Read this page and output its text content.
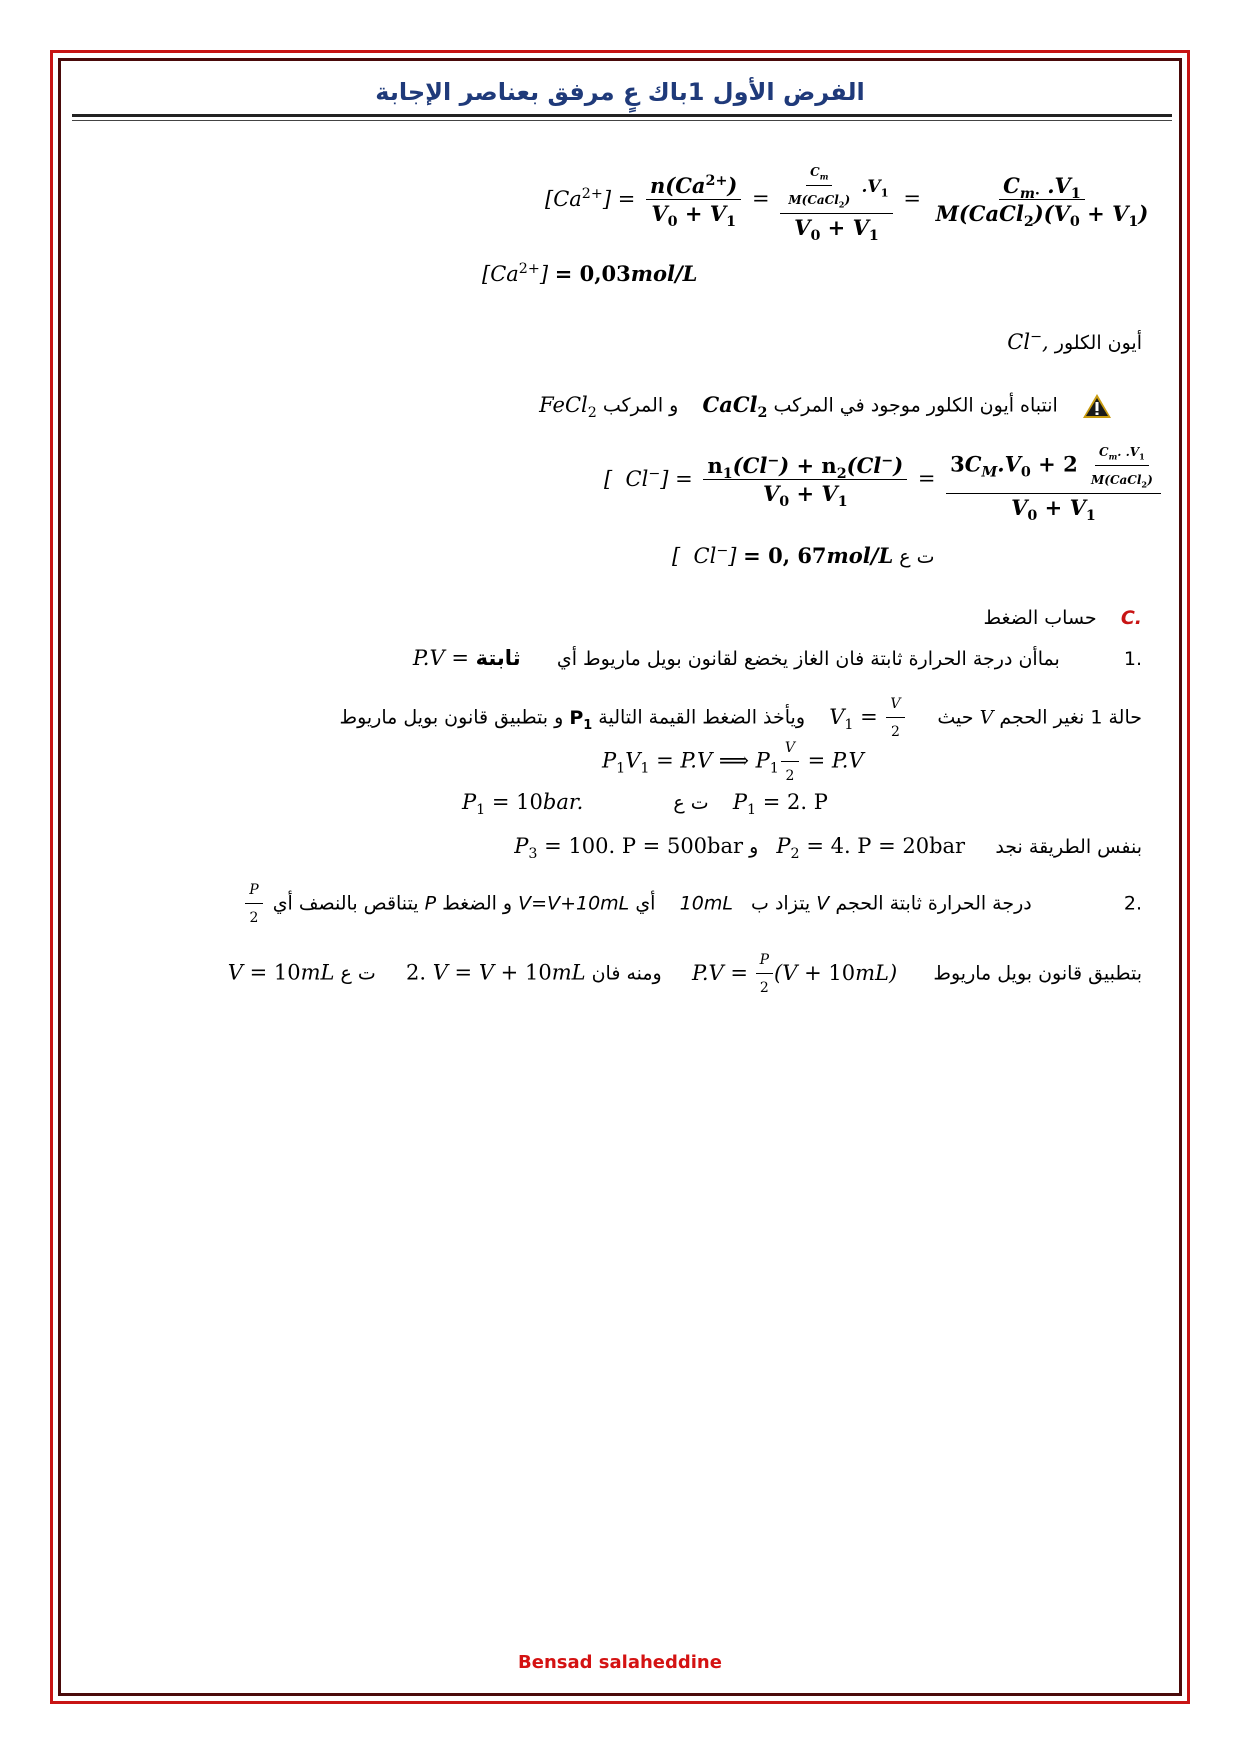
الفرض الأول 1باك عٍ مرفق بعناصر الإجابة
$[Ca^{2+}] = \frac{n(Ca^{2+})}{V_0 + V_1} = \frac{\frac{C_m}{M(CaCl_2)} .V_1}{V_0 + V_1} = \frac{C_{m\cdot} .V_1}{M(CaCl_2)(V_0 + V_1)}$
$[Ca^{2+}] = 0,03mol/L$
أيون الكلور Cl−,
انتباه أيون الكلور موجود في المركب CaCl$_2$    و المركب FeCl$_2$
[  $Cl^-] = \frac{n_1(Cl^-) + n_2(Cl^-)}{V_0 + V_1} = \frac{3C_M.V_0 + 2 \frac{C_m. .V_1}{M(CaCl_2)}}{V_0 + V_1}$
[  Cl−] = 0, 67mol/L ت ع
C.    حساب الضغط
1.  بماأن درجة الحرارة ثابتة فان الغاز يخضع لقانون بويل ماريوط أي      P.V = ثابتة
حالة 1 نغير الحجم V حيث    $V_1 = \frac{V}{2}$
ويأخذ الضغط القيمة التالية $P_1$ و بتطبيق قانون بويل ماريوط
$P_1V_1 = P.V$ ⟹ $P_1 \frac{V}{2} = P.V$
$P_1 = 10bar$.	ت ع $P_1 = 2$. P
بنفس الطريقة نجد     $P_2 = 4$. P = 20bar   و $P_3 = 100$. P = 500bar
2.  درجة الحرارة ثابتة الحجم V يتزاد ب   10mL    أي V=V+10mL و الضغط P يتناقص بالنصف أي
$\frac{P}{2}$
بتطبيق قانون بويل ماريوط      $P.V = \frac{P}{2} (V + 10mL)$     ومنه فان 2. V = V + 10mL     ت ع V = 10mL
Bensad salaheddine
